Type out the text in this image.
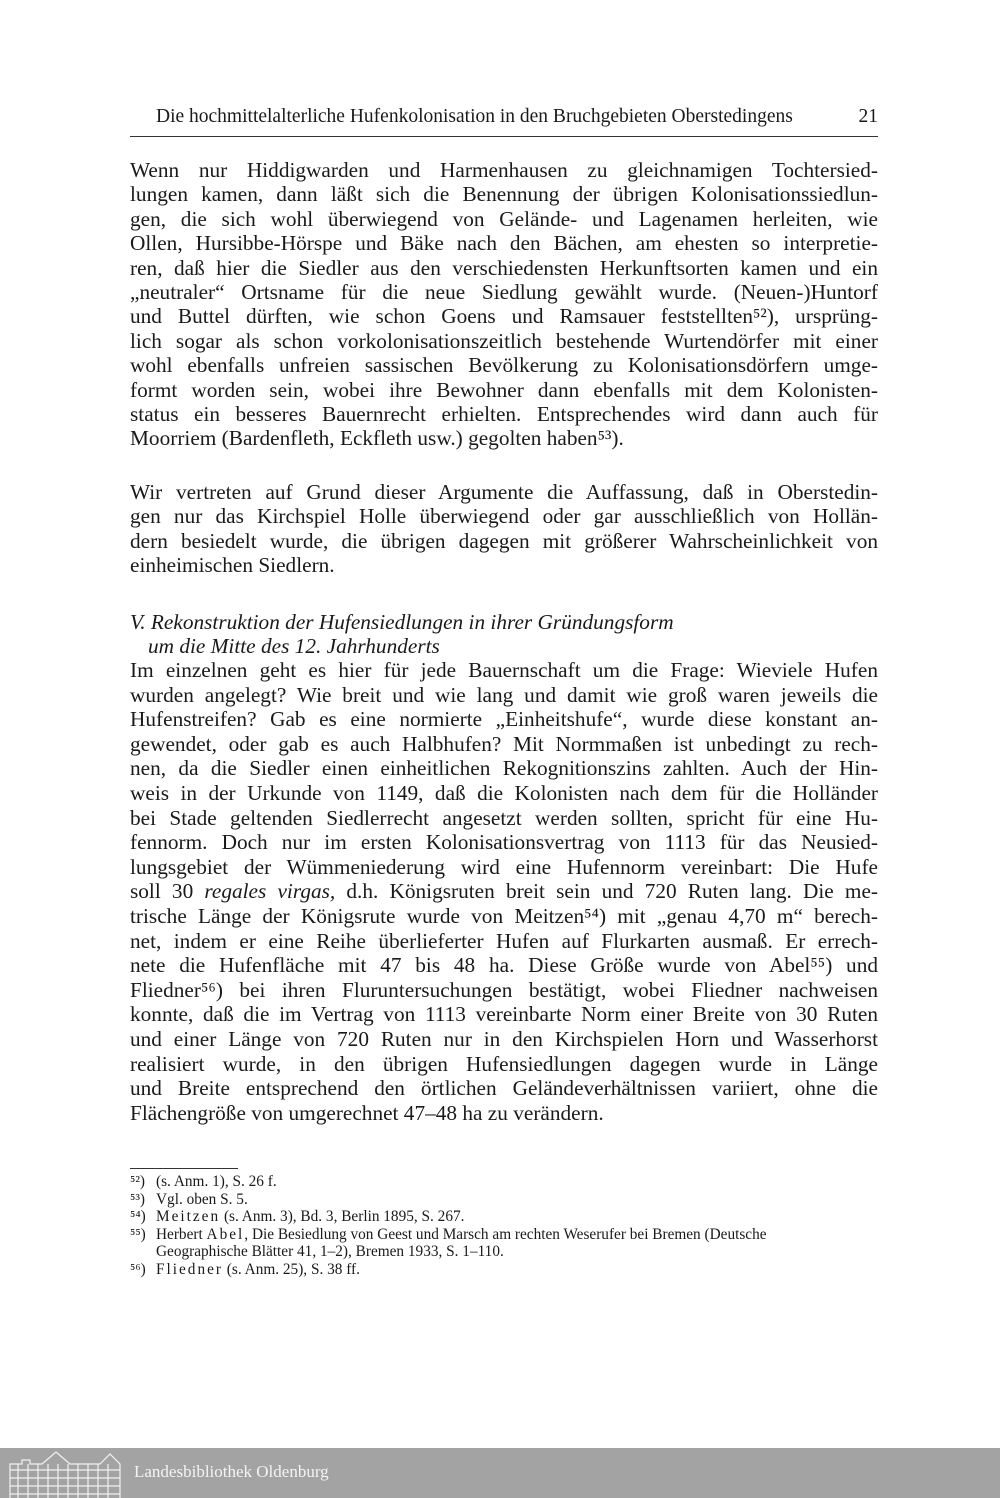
Die hochmittelalterliche Hufenkolonisation in den Bruchgebieten Oberstedingens	21
Wenn nur Hiddigwarden und Harmenhausen zu gleichnamigen Tochtersied-
lungen kamen, dann läßt sich die Benennung der übrigen Kolonisationssiedlun-
gen, die sich wohl überwiegend von Gelände- und Lagenamen herleiten, wie
Ollen, Hursibbe-Hörspe und Bäke nach den Bächen, am ehesten so interpretie-
ren, daß hier die Siedler aus den verschiedensten Herkunftsorten kamen und ein
„neutraler“ Ortsname für die neue Siedlung gewählt wurde. (Neuen-)Huntorf
und Buttel dürften, wie schon Goens und Ramsauer feststellten⁵²), ursprüng-
lich sogar als schon vorkolonisationszeitlich bestehende Wurtendörfer mit einer
wohl ebenfalls unfreien sassischen Bevölkerung zu Kolonisationsdörfern umge-
formt worden sein, wobei ihre Bewohner dann ebenfalls mit dem Kolonisten-
status ein besseres Bauernrecht erhielten. Entsprechendes wird dann auch für
Moorriem (Bardenfleth, Eckfleth usw.) gegolten haben⁵³).
Wir vertreten auf Grund dieser Argumente die Auffassung, daß in Oberstedin-
gen nur das Kirchspiel Holle überwiegend oder gar ausschließlich von Hollän-
dern besiedelt wurde, die übrigen dagegen mit größerer Wahrscheinlichkeit von
einheimischen Siedlern.
V. Rekonstruktion der Hufensiedlungen in ihrer Gründungsform
um die Mitte des 12. Jahrhunderts
Im einzelnen geht es hier für jede Bauernschaft um die Frage: Wieviele Hufen
wurden angelegt? Wie breit und wie lang und damit wie groß waren jeweils die
Hufenstreifen? Gab es eine normierte „Einheitshufe“, wurde diese konstant an-
gewendet, oder gab es auch Halbhufen? Mit Normmaßen ist unbedingt zu rech-
nen, da die Siedler einen einheitlichen Rekognitionszins zahlten. Auch der Hin-
weis in der Urkunde von 1149, daß die Kolonisten nach dem für die Holländer
bei Stade geltenden Siedlerrecht angesetzt werden sollten, spricht für eine Hu-
fennorm. Doch nur im ersten Kolonisationsvertrag von 1113 für das Neusied-
lungsgebiet der Wümmeniederung wird eine Hufennorm vereinbart: Die Hufe
soll 30 regales virgas, d.h. Königsruten breit sein und 720 Ruten lang. Die me-
trische Länge der Königsrute wurde von Meitzen⁵⁴) mit „genau 4,70 m“ berech-
net, indem er eine Reihe überlieferter Hufen auf Flurkarten ausmaß. Er errech-
nete die Hufenfläche mit 47 bis 48 ha. Diese Größe wurde von Abel⁵⁵) und
Fliedner⁵⁶) bei ihren Fluruntersuchungen bestätigt, wobei Fliedner nachweisen
konnte, daß die im Vertrag von 1113 vereinbarte Norm einer Breite von 30 Ruten
und einer Länge von 720 Ruten nur in den Kirchspielen Horn und Wasserhorst
realisiert wurde, in den übrigen Hufensiedlungen dagegen wurde in Länge
und Breite entsprechend den örtlichen Geländeverhältnissen variiert, ohne die
Flächengröße von umgerechnet 47–48 ha zu verändern.
⁵²) (s. Anm. 1), S. 26 f.
⁵³) Vgl. oben S. 5.
⁵⁴) Meitzen (s. Anm. 3), Bd. 3, Berlin 1895, S. 267.
⁵⁵) Herbert Abel, Die Besiedlung von Geest und Marsch am rechten Weserufer bei Bremen (Deutsche
Geographische Blätter 41, 1–2), Bremen 1933, S. 1–110.
⁵⁶) Fliedner (s. Anm. 25), S. 38 ff.
Landesbibliothek Oldenburg
